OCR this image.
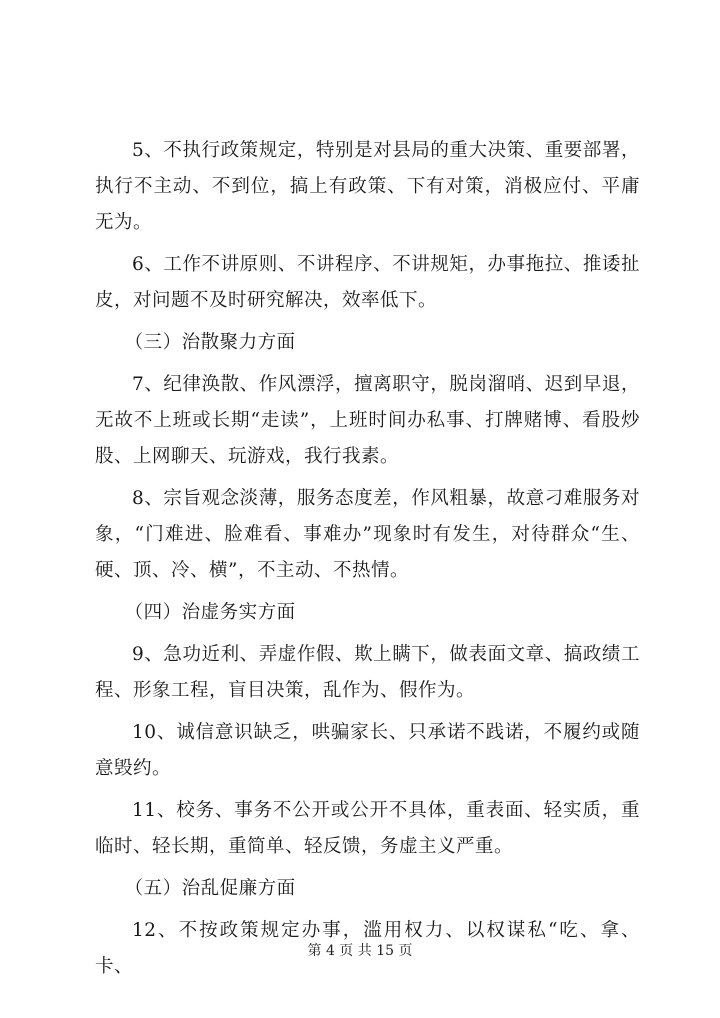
5、不执行政策规定，特别是对县局的重大决策、重要部署，执行不主动、不到位，搞上有政策、下有对策，消极应付、平庸无为。

6、工作不讲原则、不讲程序、不讲规矩，办事拖拉、推诿扯皮，对问题不及时研究解决，效率低下。

（三）治散聚力方面

7、纪律涣散、作风漂浮，擅离职守，脱岗溜哨、迟到早退，无故不上班或长期“走读”，上班时间办私事、打牌赌博、看股炒股、上网聊天、玩游戏，我行我素。

8、宗旨观念淡薄，服务态度差，作风粗暴，故意刁难服务对象，“门难进、脸难看、事难办”现象时有发生，对待群众“生、硬、顶、冷、横”，不主动、不热情。

（四）治虚务实方面

9、急功近利、弄虚作假、欺上瞒下，做表面文章、搞政绩工程、形象工程，盲目决策，乱作为、假作为。

10、诚信意识缺乏，哄骗家长、只承诺不践诺，不履约或随意毁约。

11、校务、事务不公开或公开不具体，重表面、轻实质，重临时、轻长期，重简单、轻反馈，务虚主义严重。

（五）治乱促廉方面

12、不按政策规定办事，滥用权力、以权谋私“吃、拿、卡、

第 4 页 共 15 页
